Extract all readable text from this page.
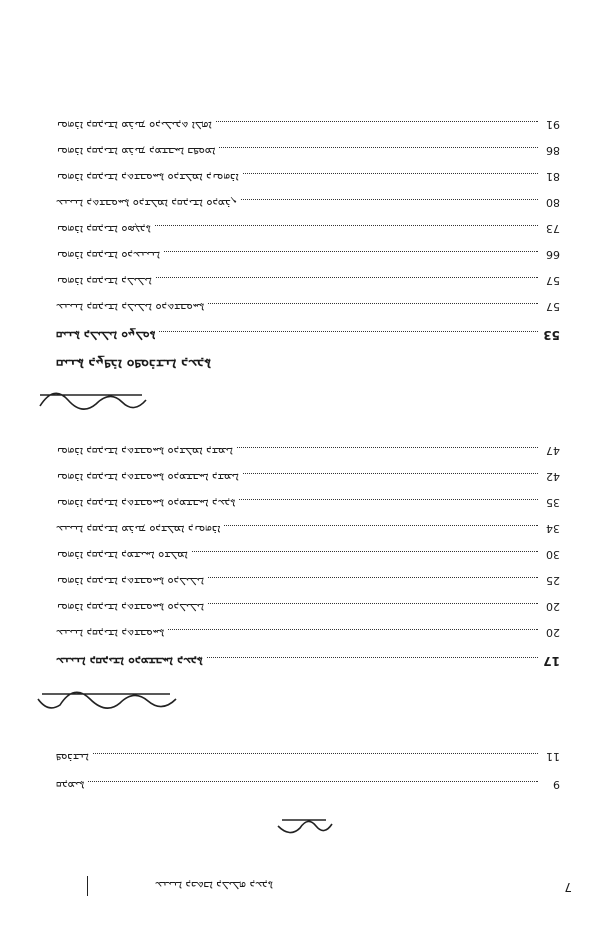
7
ܥܢܝܢܐ ܕܟܬܒܐ ܕܠܝܠܗ ܕܥܕܬܐ
9
ܩܕܡܝܬܐ
11
ܦܘܪܫܢܐ
17
ܥܢܝܢܐ ܕܩܕܝܫܐ ܘܕܡܫܒܚܐ ܕܥܕܬܐ
20
ܥܢܝܢܐ ܕܩܕܝܫܐ ܕܬܫܒܘܚܬܐ
20
ܢܘܗܪܐ ܕܩܕܝܫܐ ܕܬܫܒܘܚܬܐ ܘܕܠܝܠܝܐ
25
ܢܘܗܪܐ ܕܩܕܝܫܐ ܕܬܫܒܘܚܬܐ ܘܕܠܝܠܝܐ
30
ܢܘܗܪܐ ܕܩܕܝܫܐ ܕܡܫܝܚܐ ܘܫܠܡܐ
34
ܥܢܝܢܐ ܕܩܕܝܫܐ ܡܪܝܡ ܘܕܫܠܡܐ ܕܢܘܗܪܐ
35
ܢܘܗܪܐ ܕܩܕܝܫܐ ܕܬܫܒܘܚܬܐ ܘܕܡܫܒܚܐ ܕܥܕܬܐ
42
ܢܘܗܪܐ ܕܩܕܝܫܐ ܕܬܫܒܘܚܬܐ ܘܕܡܫܒܚܐ ܕܫܡܝܐ
47
ܢܘܗܪܐ ܕܩܕܝܫܐ ܕܬܫܒܘܚܬܐ ܘܕܫܠܡܐ ܕܫܡܝܐ
ܩܝܢܬܐ ܕܨܦܪܐ ܘܦܘܪܫܢܐ ܕܥܕܬܐ
53
ܩܝܢܬܐ ܕܠܝܠܝܐ ܘܨܠܘܬܐ
57
ܥܢܝܢܐ ܕܩܕܝܫܐ ܕܠܝܠܝܐ ܘܕܬܫܒܘܚܬܐ
57
ܢܘܗܪܐ ܕܩܕܝܫܐ ܕܠܝܠܝܐ
66
ܢܘܗܪܐ ܕܩܕܝܫܐ ܘܕܥܢܝܢܐ
73
ܢܘܗܪܐ ܕܩܕܝܫܐ ܘܣܓܕܬܐ
80
ܥܢܝܢܐ ܕܬܫܒܘܚܬܐ ܘܕܫܠܡܐ ܕܩܕܝܫܐ ܘܕܡܪܢ
81
ܢܘܗܪܐ ܕܩܕܝܫܐ ܕܬܫܒܘܚܬܐ ܘܕܫܠܡܐ ܕܢܘܗܪܐ
86
ܢܘܗܪܐ ܕܩܕܝܫܐ ܡܪܝܡ ܕܡܫܒܚܐ ܒܦܘܡܐ
91
ܢܘܗܪܐ ܕܩܕܝܫܐ ܡܪܝܡ ܘܕܝܠܝܕܬ ܐܠܗܐ
